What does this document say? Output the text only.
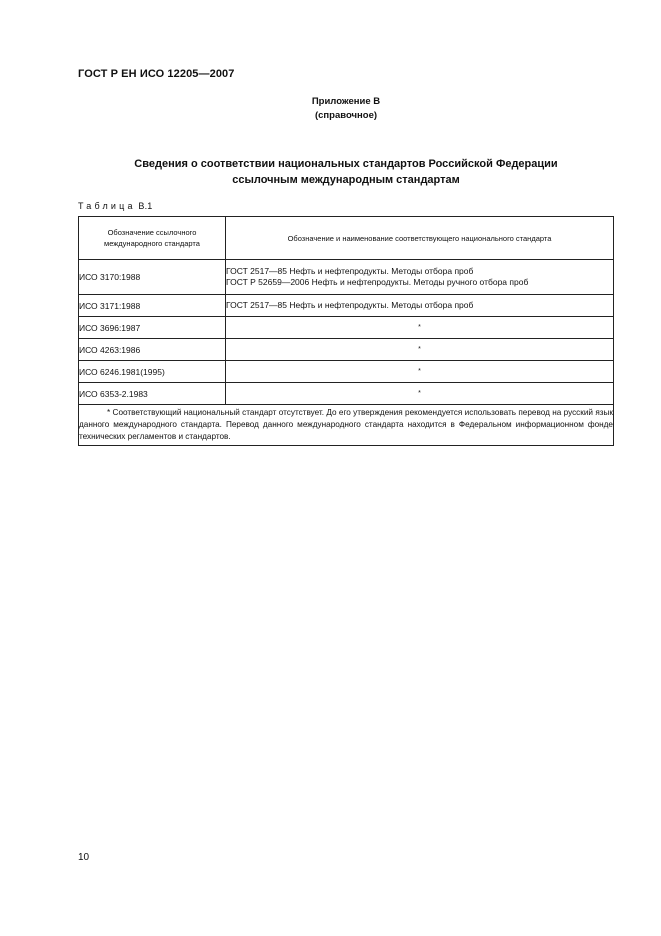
ГОСТ Р ЕН ИСО 12205—2007
Приложение В
(справочное)
Сведения о соответствии национальных стандартов Российской Федерации
ссылочным международным стандартам
Таблица В.1
Обозначение ссылочного международного стандарта	Обозначение и наименование соответствующего национального стандарта
ИСО 3170:1988	ГОСТ 2517—85 Нефть и нефтепродукты. Методы отбора проб
ГОСТ Р 52659—2006 Нефть и нефтепродукты. Методы ручного отбора проб

ИСО 3171:1988	ГОСТ 2517—85 Нефть и нефтепродукты. Методы отбора проб
ИСО 3696:1987	*
ИСО 4263:1986	*
ИСО 6246.1981(1995)	*
ИСО 6353-2.1983	*

* Соответствующий национальный стандарт отсутствует. До его утверждения рекомендуется использовать перевод на русский язык данного международного стандарта. Перевод данного международного стандарта находится в Федеральном информационном фонде технических регламентов и стандартов.	
10
